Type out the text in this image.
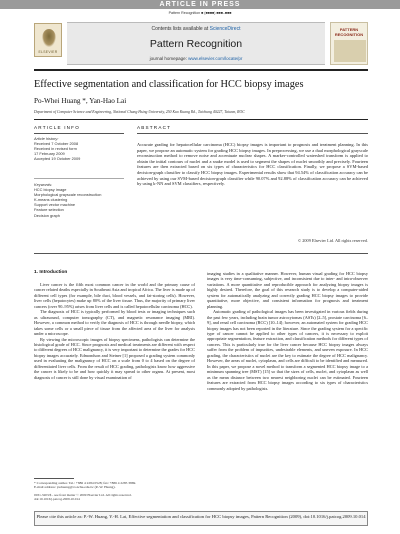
ARTICLE IN PRESS
Pattern Recognition ■ (■■■■) ■■■–■■■
ELSEVIER
Contents lists available at ScienceDirect
Pattern Recognition
journal homepage: www.elsevier.com/locate/pr
PATTERN RECOGNITION
Effective segmentation and classification for HCC biopsy images
Po-Whei Huang *, Yan-Hao Lai
Department of Computer Science and Engineering, National Chung Hsing University, 250 Kuo Kuang Rd., Taichung 40227, Taiwan, ROC
ARTICLE INFO
Article history:
Received 7 October 2008
Received in revised form
17 February 2009
Accepted 19 October 2009
Keywords:
HCC biopsy image
Morphological grayscale reconstruction
K-means clustering
Support vector machine
Feature selection
Decision graph
ABSTRACT
Accurate grading for hepatocellular carcinoma (HCC) biopsy images is important to prognosis and treatment planning. In this paper, we propose an automatic system for grading HCC biopsy images. In preprocessing, we use a dual morphological grayscale reconstruction method to remove noise and accentuate nuclear shapes. A marker-controlled watershed transform is applied to obtain the initial contours of nuclei and a snake model is used to segment the shapes of nuclei smoothly and precisely. Fourteen features are then extracted based on six types of characteristics for HCC classification. Finally, we propose a SVM-based decision-graph classifier to classify HCC biopsy images. Experimental results show that 94.54% of classification accuracy can be achieved by using our SVM-based decision-graph classifier while 90.07% and 92.88% of classification accuracy can be achieved by using k-NN and SVM classifiers, respectively.
© 2009 Elsevier Ltd. All rights reserved.
1. Introduction

Liver cancer is the fifth most common cancer in the world and the primary cause of cancer related deaths especially in Southeast Asia and tropical Africa. The liver is made up of different cell types (for example, bile duct, blood vessels, and fat-storing cells). However, liver cells (hepatocytes) make up 80% of the liver tissue. Thus, the majority of primary liver cancers (over 90–95%) arises from liver cells and is called hepatocellular carcinoma (HCC).

The diagnosis of HCC is typically performed by blood tests or imaging techniques such as ultrasound, computer tomography (CT), and magnetic resonance imaging (MRI). However, a common method to verify the diagnosis of HCC is through needle biopsy, which takes some cells or a small piece of tissue from the affected area of the liver for analysis under a microscope.

By viewing the microscopic images of biopsy specimens, pathologists can determine the histological grade of HCC. Since prognosis and medical treatments are different with respect to different degrees of HCC malignancy, it is very important to determine the grades for HCC biopsy images accurately. Edmondson and Steiner [1] proposed a grading system commonly used in evaluating the malignancy of HCC on a scale from 0 to 4 based on the degree of differentiated liver cells. From the result of HCC grading, pathologists know how aggressive the cancer is likely to be and how quickly it may spread to other organs. At present, most diagnosis of cancer is still done by visual examination of

imaging studies in a qualitative manner. However, human visual grading for HCC biopsy images is very time-consuming, subjective, and inconsistent due to inter- and intra-observer variations. A more quantitative and reproducible approach for analyzing biopsy images is highly desired. Therefore, the goal of this research study is to develop a computer-aided system for automatically analyzing and correctly grading HCC biopsy images to provide quantitative, more objective, and consistent information for prognosis and treatment planning.

Automatic grading of pathological images has been investigated in various fields during the past few years, including brain tumor astrocytomas (ASTs) [2–5], prostate carcinoma [6–9], and renal cell carcinoma (RCC) [10–14]; however, an automated system for grading HCC biopsy images has not been reported in the literature. Since the grading system for a specific type of cancer cannot be applied to other types of cancers, it is necessary to exploit appropriate segmentation, feature extraction, and classification methods for different types of cancers. This is particularly true for the liver cancer because HCC biopsy images always suffer from the problem of impurities, undesirable elements, and uneven exposure. In HCC grading, the characteristics of nuclei are the key to estimate the degree of HCC malignancy. However, the areas of nuclei, cytoplasm, and cells are difficult to be identified and measured. In this paper, we propose a novel method to transform a segmented HCC biopsy image to a minimum spanning tree (MST) [15] so that the sizes of cells, nuclei, and cytoplasm as well as the mean distance between two nearest neighboring nuclei can be estimated. Fourteen features are extracted from HCC biopsy images according to six types of characteristics commonly adopted by pathologists.

* Corresponding author. Tel.: +886 4 2284 0528; fax: +886 4 2285 3869.
E-mail address: pwhuang@cs.nchu.edu.tw (P.-W. Huang).
0031-3203/$ - see front matter © 2009 Elsevier Ltd. All rights reserved.
doi:10.1016/j.patcog.2009.10.014
Please cite this article as: P.-W. Huang, Y.-H. Lai, Effective segmentation and classification for HCC biopsy images, Pattern Recognition (2009), doi:10.1016/j.patcog.2009.10.014
